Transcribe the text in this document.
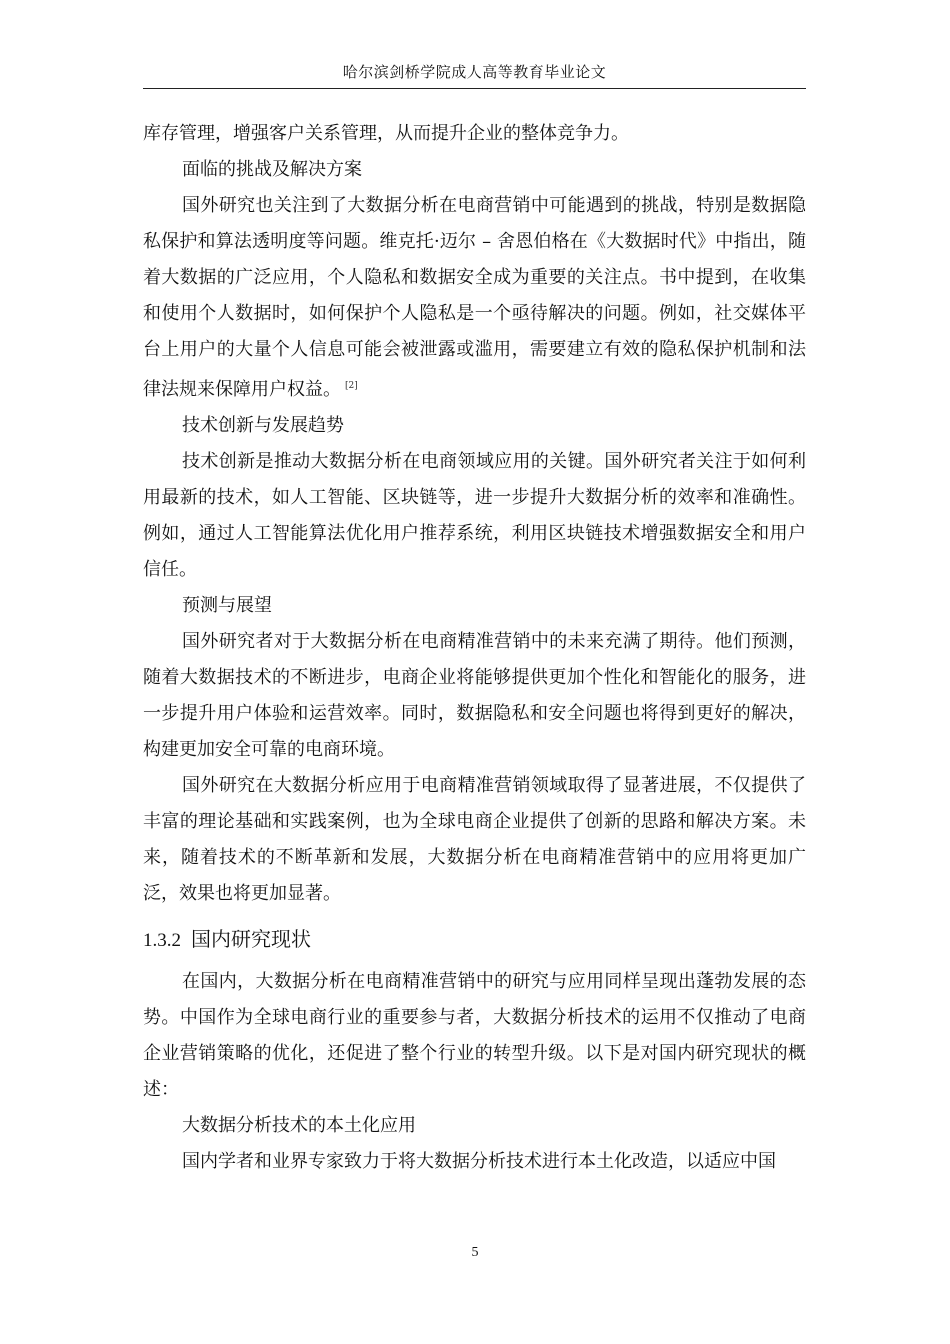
哈尔滨剑桥学院成人高等教育毕业论文

库存管理，增强客户关系管理，从而提升企业的整体竞争力。

面临的挑战及解决方案

国外研究也关注到了大数据分析在电商营销中可能遇到的挑战，特别是数据隐私保护和算法透明度等问题。维克托·迈尔 – 舍恩伯格在《大数据时代》中指出，随着大数据的广泛应用，个人隐私和数据安全成为重要的关注点。书中提到，在收集和使用个人数据时，如何保护个人隐私是一个亟待解决的问题。例如，社交媒体平台上用户的大量个人信息可能会被泄露或滥用，需要建立有效的隐私保护机制和法律法规来保障用户权益。 [2]

技术创新与发展趋势

技术创新是推动大数据分析在电商领域应用的关键。国外研究者关注于如何利用最新的技术，如人工智能、区块链等，进一步提升大数据分析的效率和准确性。例如，通过人工智能算法优化用户推荐系统，利用区块链技术增强数据安全和用户信任。

预测与展望

国外研究者对于大数据分析在电商精准营销中的未来充满了期待。他们预测，随着大数据技术的不断进步，电商企业将能够提供更加个性化和智能化的服务，进一步提升用户体验和运营效率。同时，数据隐私和安全问题也将得到更好的解决，构建更加安全可靠的电商环境。

国外研究在大数据分析应用于电商精准营销领域取得了显著进展，不仅提供了丰富的理论基础和实践案例，也为全球电商企业提供了创新的思路和解决方案。未来，随着技术的不断革新和发展，大数据分析在电商精准营销中的应用将更加广泛，效果也将更加显著。

1.3.2 国内研究现状

在国内，大数据分析在电商精准营销中的研究与应用同样呈现出蓬勃发展的态势。中国作为全球电商行业的重要参与者，大数据分析技术的运用不仅推动了电商企业营销策略的优化，还促进了整个行业的转型升级。以下是对国内研究现状的概述：

大数据分析技术的本土化应用

国内学者和业界专家致力于将大数据分析技术进行本土化改造，以适应中国

5
